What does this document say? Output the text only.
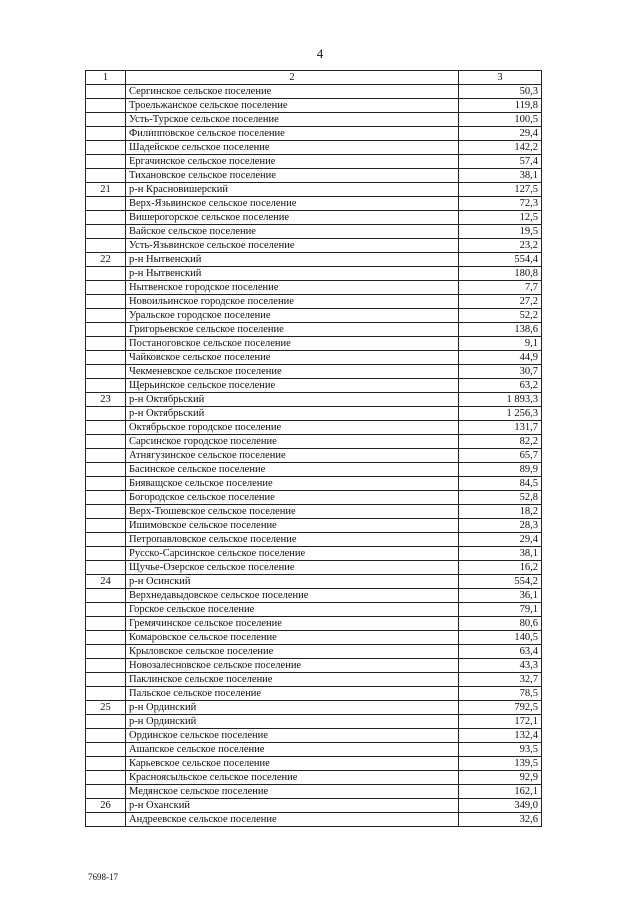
4
1	2	3
	Сергинское сельское поселение	50,3
	Троельжанское сельское поселение	119,8
	Усть-Турское сельское поселение	100,5
	Филипповское сельское поселение	29,4
	Шадейское сельское поселение	142,2
	Ергачинское сельское поселение	57,4
	Тихановское сельское поселение	38,1
21	р-н Красновишерский	127,5
	Верх-Язьвинское сельское поселение	72,3
	Вишерогорское сельское поселение	12,5
	Вайское сельское поселение	19,5
	Усть-Язьвинское сельское поселение	23,2
22	р-н Нытвенский	554,4
	р-н Нытвенский	180,8
	Нытвенское городское поселение	7,7
	Новоильинское городское поселение	27,2
	Уральское городское поселение	52,2
	Григорьевское сельское поселение	138,6
	Постаноговское сельское поселение	9,1
	Чайковское сельское поселение	44,9
	Чекменевское сельское поселение	30,7
	Щерьинское сельское поселение	63,2
23	р-н Октябрьский	1 893,3
	р-н Октябрьский	1 256,3
	Октябрьское городское поселение	131,7
	Сарсинское городское поселение	82,2
	Атнягузинское сельское поселение	65,7
	Басинское сельское поселение	89,9
	Бияващское сельское поселение	84,5
	Богородское сельское поселение	52,8
	Верх-Тюшевское сельское поселение	18,2
	Ишимовское сельское поселение	28,3
	Петропавловское сельское поселение	29,4
	Русско-Сарсинское сельское поселение	38,1
	Щучье-Озерское сельское поселение	16,2
24	р-н Осинский	554,2
	Верхнедавыдовское сельское поселение	36,1
	Горское сельское поселение	79,1
	Гремячинское сельское поселение	80,6
	Комаровское сельское поселение	140,5
	Крыловское сельское поселение	63,4
	Новозалесновское сельское поселение	43,3
	Паклинское сельское поселение	32,7
	Пальское сельское поселение	78,5
25	р-н Ординский	792,5
	р-н Ординский	172,1
	Ординское сельское поселение	132,4
	Ашапское сельское поселение	93,5
	Карьевское сельское поселение	139,5
	Красноясыльское сельское поселение	92,9
	Медянское сельское поселение	162,1
26	р-н Оханский	349,0
	Андреевское сельское поселение	32,6
7698-17
